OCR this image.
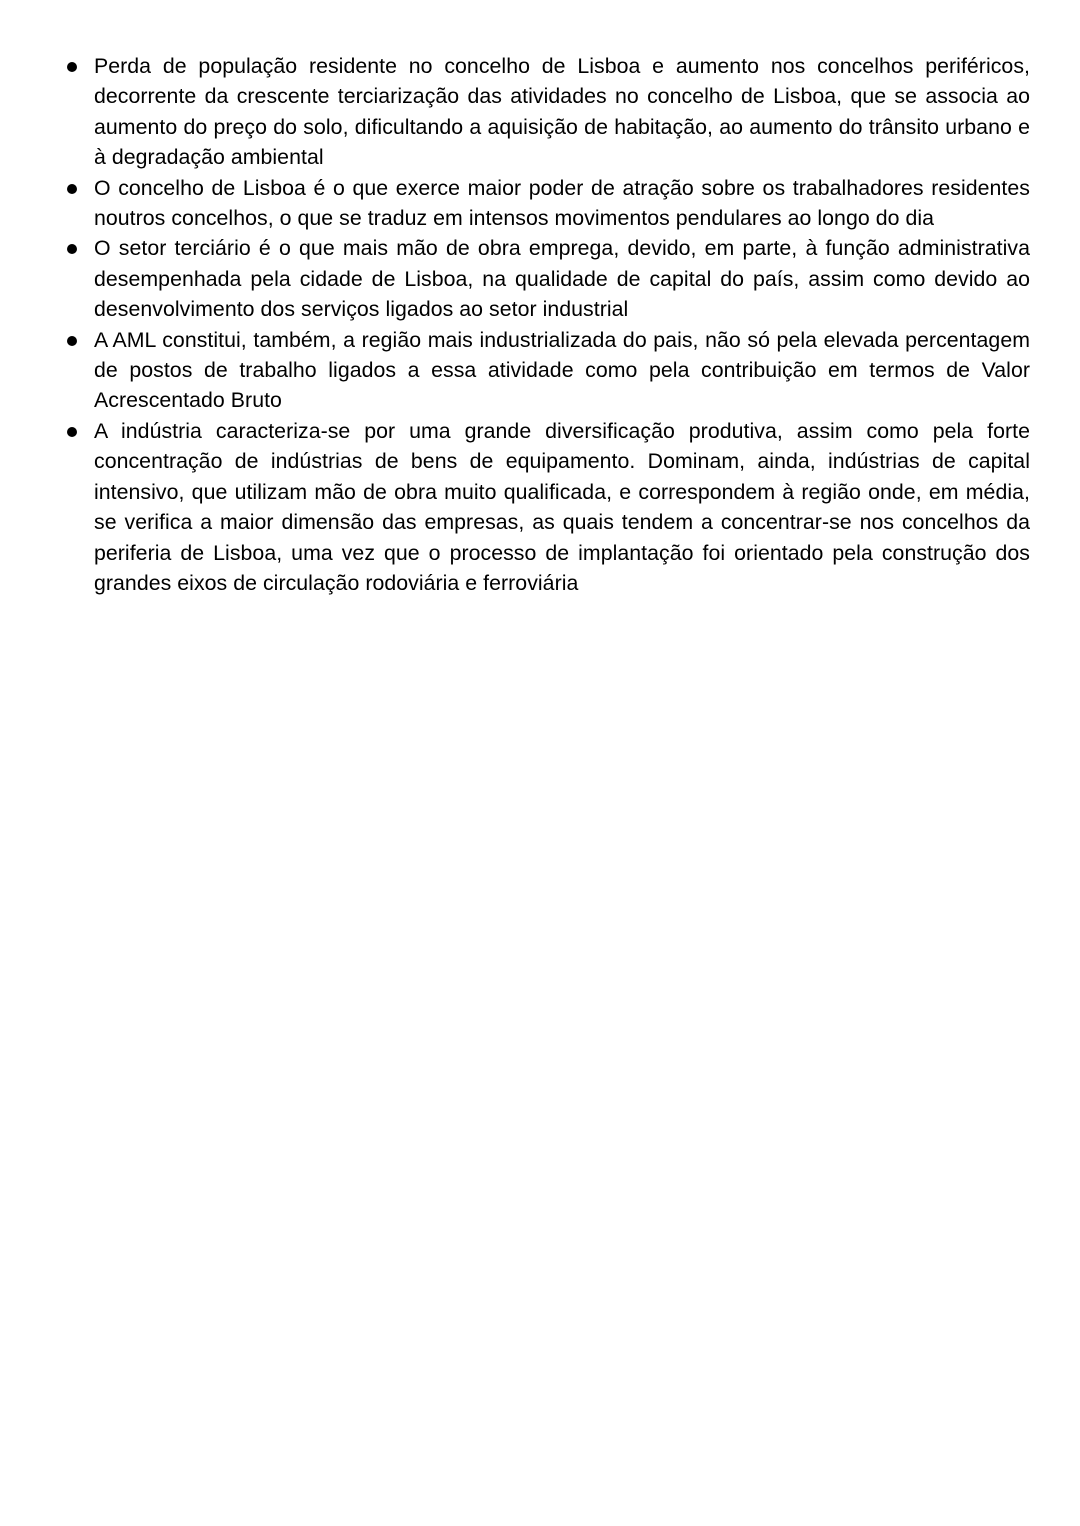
Perda de população residente no concelho de Lisboa e aumento nos concelhos periféricos, decorrente da crescente terciarização das atividades no concelho de Lisboa, que se associa ao aumento do preço do solo, dificultando a aquisição de habitação, ao aumento do trânsito urbano e à degradação ambiental
O concelho de Lisboa é o que exerce maior poder de atração sobre os trabalhadores residentes noutros concelhos, o que se traduz em intensos movimentos pendulares ao longo do dia
O setor terciário é o que mais mão de obra emprega, devido, em parte, à função administrativa desempenhada pela cidade de Lisboa, na qualidade de capital do país, assim como devido ao desenvolvimento dos serviços ligados ao setor industrial
A AML constitui, também, a região mais industrializada do pais, não só pela elevada percentagem de postos de trabalho ligados a essa atividade como pela contribuição em termos de Valor Acrescentado Bruto
A indústria caracteriza-se por uma grande diversificação produtiva, assim como pela forte concentração de indústrias de bens de equipamento. Dominam, ainda, indústrias de capital intensivo, que utilizam mão de obra muito qualificada, e correspondem à região onde, em média, se verifica a maior dimensão das empresas, as quais tendem a concentrar-se nos concelhos da periferia de Lisboa, uma vez que o processo de implantação foi orientado pela construção dos grandes eixos de circulação rodoviária e ferroviária
